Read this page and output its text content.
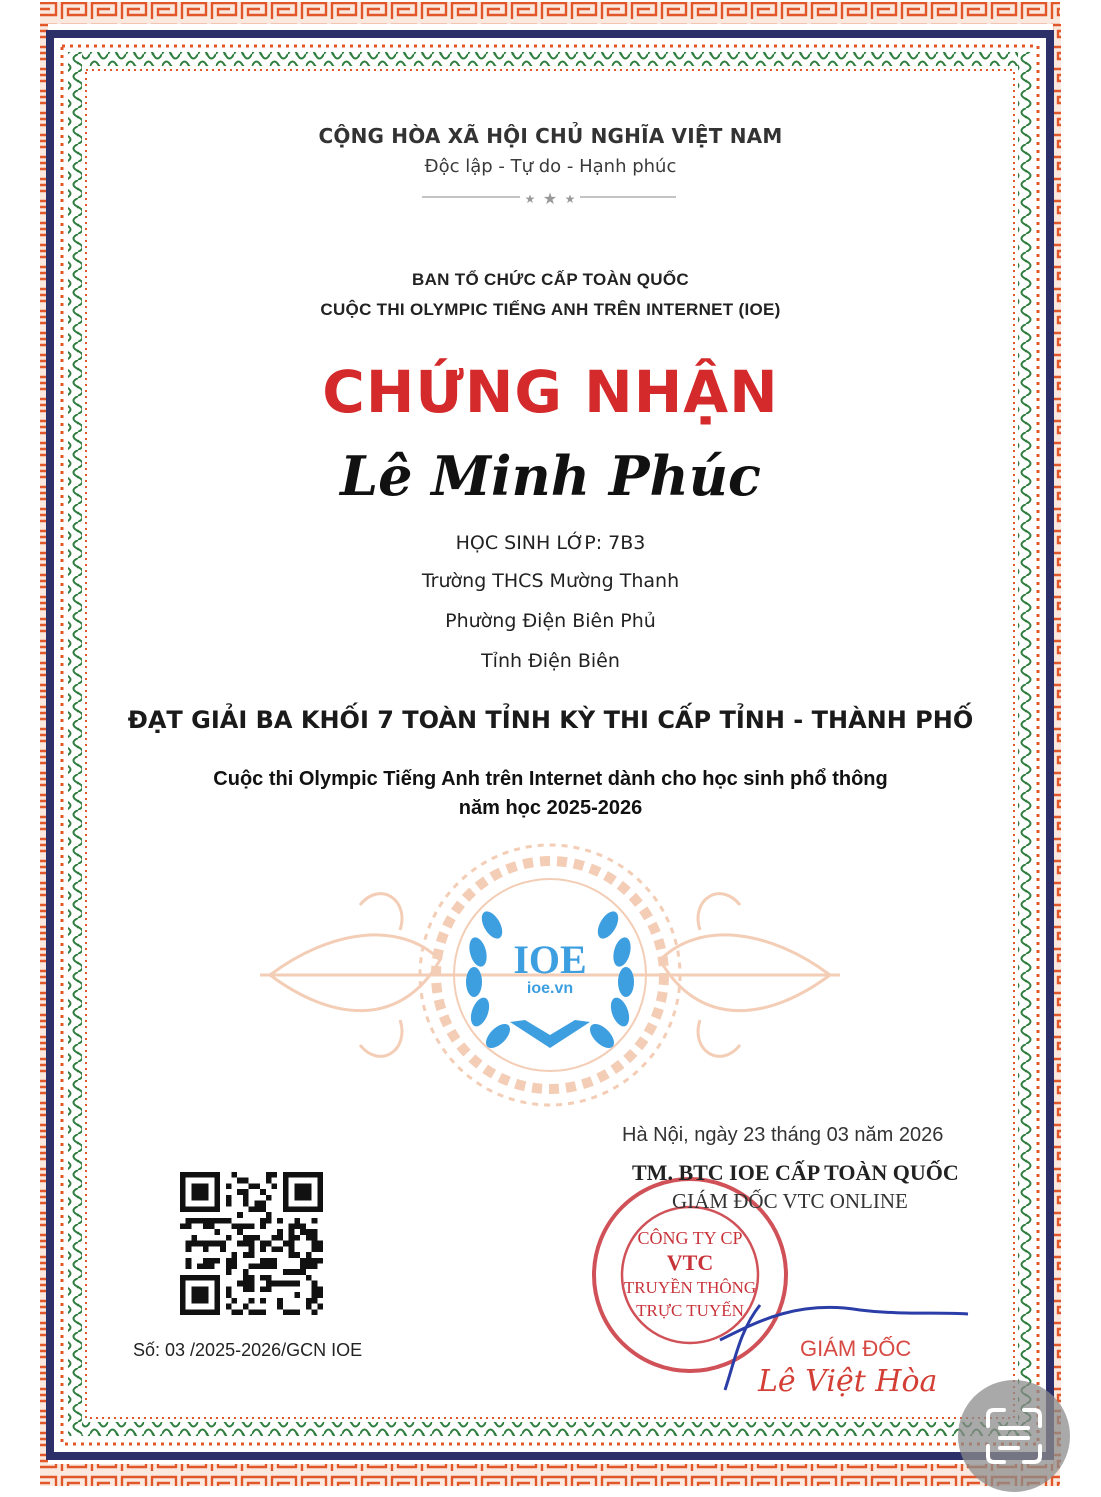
★ ★ ★
CỘNG HÒA XÃ HỘI CHỦ NGHĨA VIỆT NAM
Độc lập - Tự do - Hạnh phúc
BAN TỔ CHỨC CẤP TOÀN QUỐC
CUỘC THI OLYMPIC TIẾNG ANH TRÊN INTERNET (IOE)
CHỨNG NHẬN
Lê Minh Phúc
HỌC SINH LỚP: 7B3
Trường THCS Mường Thanh
Phường Điện Biên Phủ
Tỉnh Điện Biên
ĐẠT GIẢI BA KHỐI 7 TOÀN TỈNH KỲ THI CẤP TỈNH - THÀNH PHỐ
Cuộc thi Olympic Tiếng Anh trên Internet dành cho học sinh phổ thông
năm học 2025-2026
IOE
ioe.vn
CÔNG TY CP
VTC
TRUYỀN THÔNG
TRỰC TUYẾN
Hà Nội, ngày 23 tháng 03 năm 2026
TM. BTC IOE CẤP TOÀN QUỐC
GIÁM ĐỐC VTC ONLINE
GIÁM ĐỐC
Lê Việt Hòa
Số: 03 /2025-2026/GCN IOE
